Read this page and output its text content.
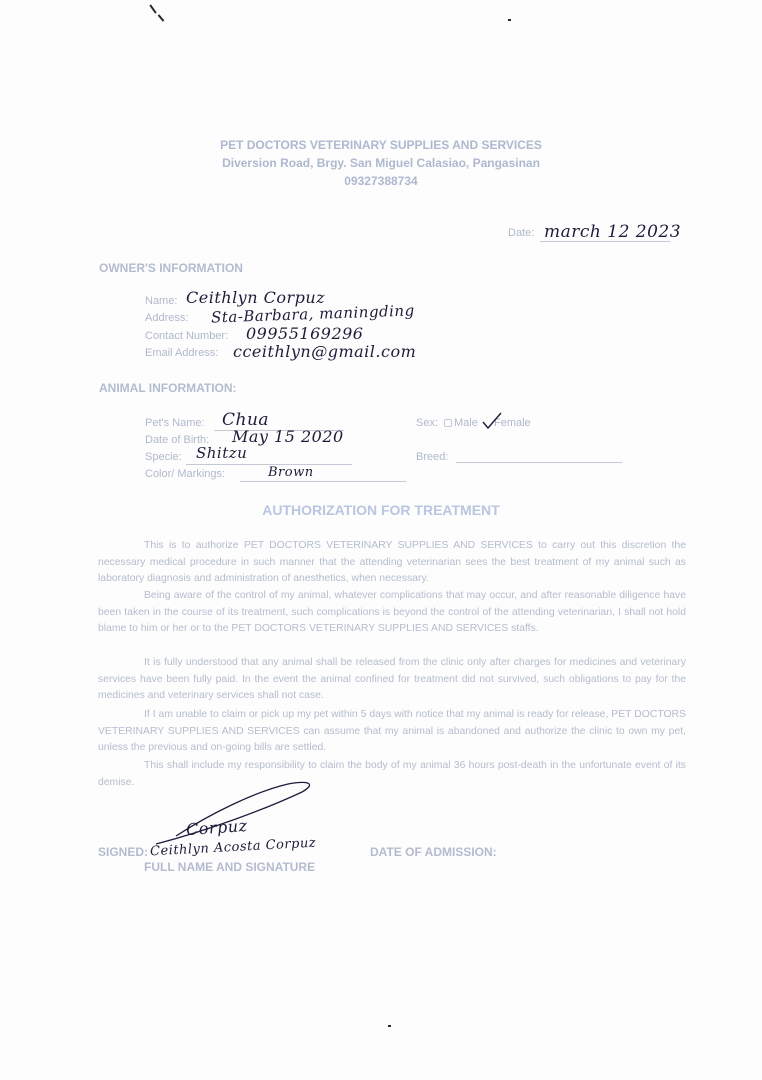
PET DOCTORS VETERINARY SUPPLIES AND SERVICES
Diversion Road, Brgy. San Miguel Calasiao, Pangasinan
09327388734
Date: march 12 2023
OWNER'S INFORMATION
Name: Ceithlyn Corpuz
Address: Sta-Barbara, maningding
Contact Number: 09955169296
Email Address: cceithlyn@gmail.com
ANIMAL INFORMATION:
Pet's Name: Chua
Date of Birth: May 15 2020
Specie: Shitzu
Color/ Markings:	Brown
Sex: Male Female
Breed:
AUTHORIZATION FOR TREATMENT

This is to authorize PET DOCTORS VETERINARY SUPPLIES AND SERVICES to carry out this discretion the necessary medical procedure in such manner that the attending veterinarian sees the best treatment of my animal such as laboratory diagnosis and administration of anesthetics, when necessary.

Being aware of the control of my animal, whatever complications that may occur, and after reasonable diligence have been taken in the course of its treatment, such complications is beyond the control of the attending veterinarian, I shall not hold blame to him or her or to the PET DOCTORS VETERINARY SUPPLIES AND SERVICES staffs.

It is fully understood that any animal shall be released from the clinic only after charges for medicines and veterinary services have been fully paid. In the event the animal confined for treatment did not survived, such obligations to pay for the medicines and veterinary services shall not case.

If I am unable to claim or pick up my pet within 5 days with notice that my animal is ready for release, PET DOCTORS VETERINARY SUPPLIES AND SERVICES can assume that my animal is abandoned and authorize the clinic to own my pet, unless the previous and on-going bills are settled.

This shall include my responsibility to claim the body of my animal 36 hours post-death in the unfortunate event of its demise.

SIGNED:
Corpuz
Ceithlyn Acosta Corpuz
FULL NAME AND SIGNATURE
DATE OF ADMISSION:
